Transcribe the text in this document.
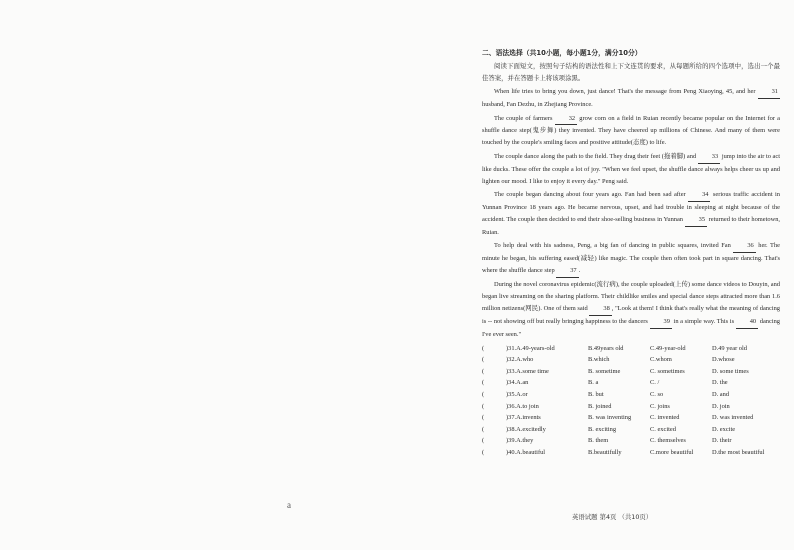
a
二、语法选择（共10小题，每小题1分，满分10分）
阅读下面短文，按照句子结构的语法性和上下文连贯的要求，从每题所给的四个选项中，选出一个最佳答案，并在答题卡上将该项涂黑。
When life tries to bring you down, just dance! That's the message from Peng Xiaoying, 45, and her 31 husband, Fan Dezhu, in Zhejiang Province.
The couple of farmers 32 grow corn on a field in Ruian recently became popular on the Internet for a shuffle dance step(鬼步舞) they invented. They have cheered up millions of Chinese. And many of them were touched by the couple's smiling faces and positive attitude(态度) to life.
The couple dance along the path to the field. They drag their feet (拖着脚) and 33 jump into the air to act like ducks. These offer the couple a lot of joy. "When we feel upset, the shuffle dance always helps cheer us up and lighten our mood. I like to enjoy it every day." Peng said.
The couple began dancing about four years ago. Fan had been sad after 34 serious traffic accident in Yunnan Province 18 years ago. He became nervous, upset, and had trouble in sleeping at night because of the accident. The couple then decided to end their shoe-selling business in Yunnan 35 returned to their hometown, Ruian.
To help deal with his sadness, Peng, a big fan of dancing in public squares, invited Fan 36 her. The minute he began, his suffering eased(减轻) like magic. The couple then often took part in square dancing. That's where the shuffle dance step 37 .
During the novel coronavirus epidemic(流行病), the couple uploaded(上传) some dance videos to Douyin, and began live streaming on the sharing platform. Their childlike smiles and special dance steps attracted more than 1.6 million netizens(网民). One of them said 38 , "Look at them! I think that's really what the meaning of dancing is -- not showing off but really bringing happiness to the dancers 39 in a simple way. This is 40 dancing I've ever seen."
(	)31.A.49-years-old	B.49years old	C.49-year-old	D.49 year old
(	)32.A.who	B.which	C.whom	D.whose
(	)33.A.some time	B. sometime	C. sometimes	D. some times
(	)34.A.an	B. a	C. /	D. the
(	)35.A.or	B. but	C. so	D. and
(	)36.A.to join	B. joined	C. joins	D. join
(	)37.A.invents	B. was inventing	C. invented	D. was invented
(	)38.A.excitedly	B. exciting	C. excited	D. excite
(	)39.A.they	B. them	C. themselves	D. their
(	)40.A.beautiful	B.beautifully	C.more beautiful	D.the most beautiful
英语试题 第4页 （共10页）
